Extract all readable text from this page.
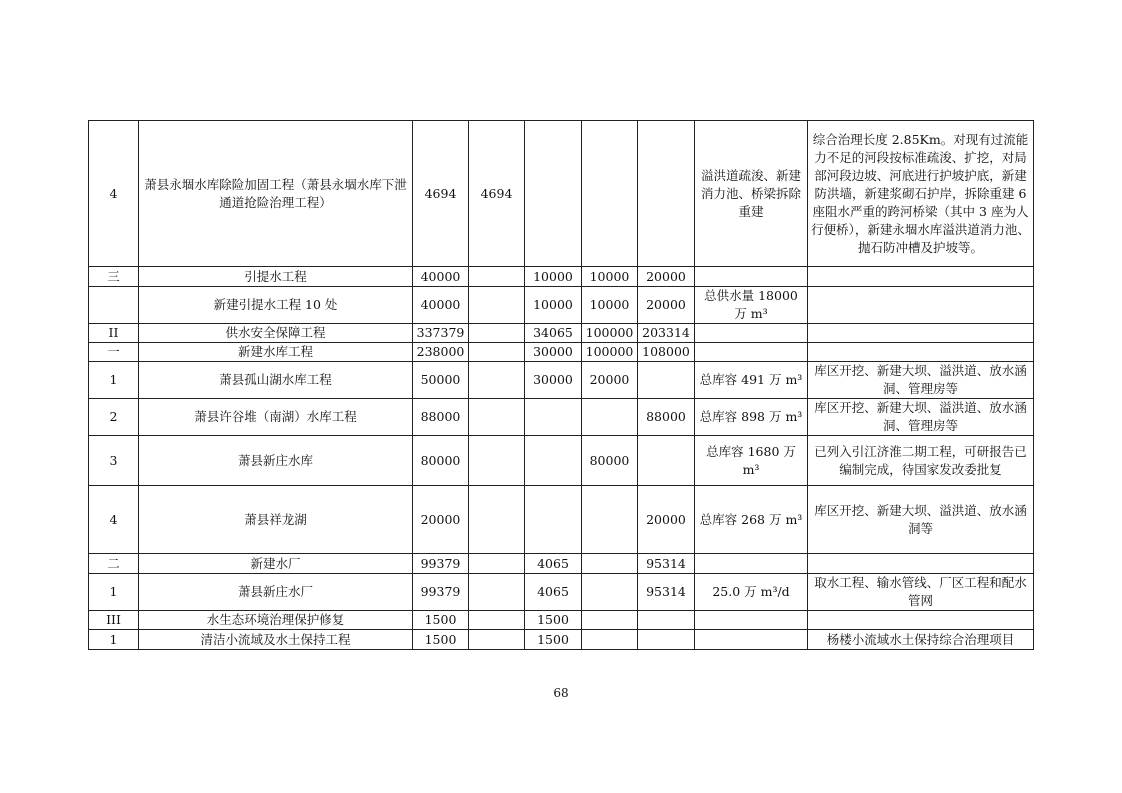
4	萧县永堌水库除险加固工程（萧县永堌水库下泄通道抢险治理工程）	4694	4694				溢洪道疏浚、新建消力池、桥梁拆除重建	综合治理长度 2.85Km。对现有过流能力不足的河段按标准疏浚、扩挖，对局部河段边坡、河底进行护坡护底，新建防洪墙，新建浆砌石护岸，拆除重建 6 座阻水严重的跨河桥梁（其中 3 座为人行便桥），新建永堌水库溢洪道消力池、抛石防冲槽及护坡等。
三	引提水工程	40000		10000	10000	20000		
	新建引提水工程 10 处	40000		10000	10000	20000	总供水量 18000 万 m³	
II	供水安全保障工程	337379		34065	100000	203314		
一	新建水库工程	238000		30000	100000	108000		
1	萧县孤山湖水库工程	50000		30000	20000		总库容 491 万 m³	库区开挖、新建大坝、溢洪道、放水涵洞、管理房等
2	萧县许谷堆（南湖）水库工程	88000				88000	总库容 898 万 m³	库区开挖、新建大坝、溢洪道、放水涵洞、管理房等
3	萧县新庄水库	80000			80000		总库容 1680 万 m³	已列入引江济淮二期工程，可研报告已编制完成，待国家发改委批复
4	萧县祥龙湖	20000				20000	总库容 268 万 m³	库区开挖、新建大坝、溢洪道、放水涵洞等
二	新建水厂	99379		4065		95314		
1	萧县新庄水厂	99379		4065		95314	25.0 万 m³/d	取水工程、输水管线、厂区工程和配水管网
III	水生态环境治理保护修复	1500		1500				
1	清洁小流域及水土保持工程	1500		1500				杨楼小流域水土保持综合治理项目
68
